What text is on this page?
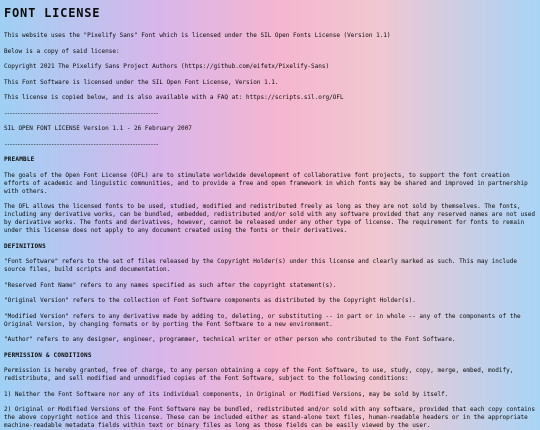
FONT LICENSE
This website uses the "Pixelify Sans" Font which is licensed under the SIL Open Fonts License (Version 1.1)
Below is a copy of said license:
Copyright 2021 The Pixelify Sans Project Authors (https://github.com/eifetx/Pixelify-Sans)
This Font Software is licensed under the SIL Open Font License, Version 1.1.
This license is copied below, and is also available with a FAQ at: https://scripts.sil.org/OFL
-----------------------------------------------------------
SIL OPEN FONT LICENSE Version 1.1 - 26 February 2007
-----------------------------------------------------------
PREAMBLE
The goals of the Open Font License (OFL) are to stimulate worldwide development of collaborative font projects, to support the font creation efforts of academic and linguistic communities, and to provide a free and open framework in which fonts may be shared and improved in partnership with others.
The OFL allows the licensed fonts to be used, studied, modified and redistributed freely as long as they are not sold by themselves. The fonts, including any derivative works, can be bundled, embedded, redistributed and/or sold with any software provided that any reserved names are not used by derivative works. The fonts and derivatives, however, cannot be released under any other type of license. The requirement for fonts to remain under this license does not apply to any document created using the fonts or their derivatives.
DEFINITIONS
"Font Software" refers to the set of files released by the Copyright Holder(s) under this license and clearly marked as such. This may include source files, build scripts and documentation.
"Reserved Font Name" refers to any names specified as such after the copyright statement(s).
"Original Version" refers to the collection of Font Software components as distributed by the Copyright Holder(s).
"Modified Version" refers to any derivative made by adding to, deleting, or substituting -- in part or in whole -- any of the components of the Original Version, by changing formats or by porting the Font Software to a new environment.
"Author" refers to any designer, engineer, programmer, technical writer or other person who contributed to the Font Software.
PERMISSION & CONDITIONS
Permission is hereby granted, free of charge, to any person obtaining a copy of the Font Software, to use, study, copy, merge, embed, modify, redistribute, and sell modified and unmodified copies of the Font Software, subject to the following conditions:
1) Neither the Font Software nor any of its individual components, in Original or Modified Versions, may be sold by itself.
2) Original or Modified Versions of the Font Software may be bundled, redistributed and/or sold with any software, provided that each copy contains the above copyright notice and this license. These can be included either as stand-alone text files, human-readable headers or in the appropriate machine-readable metadata fields within text or binary files as long as those fields can be easily viewed by the user.
